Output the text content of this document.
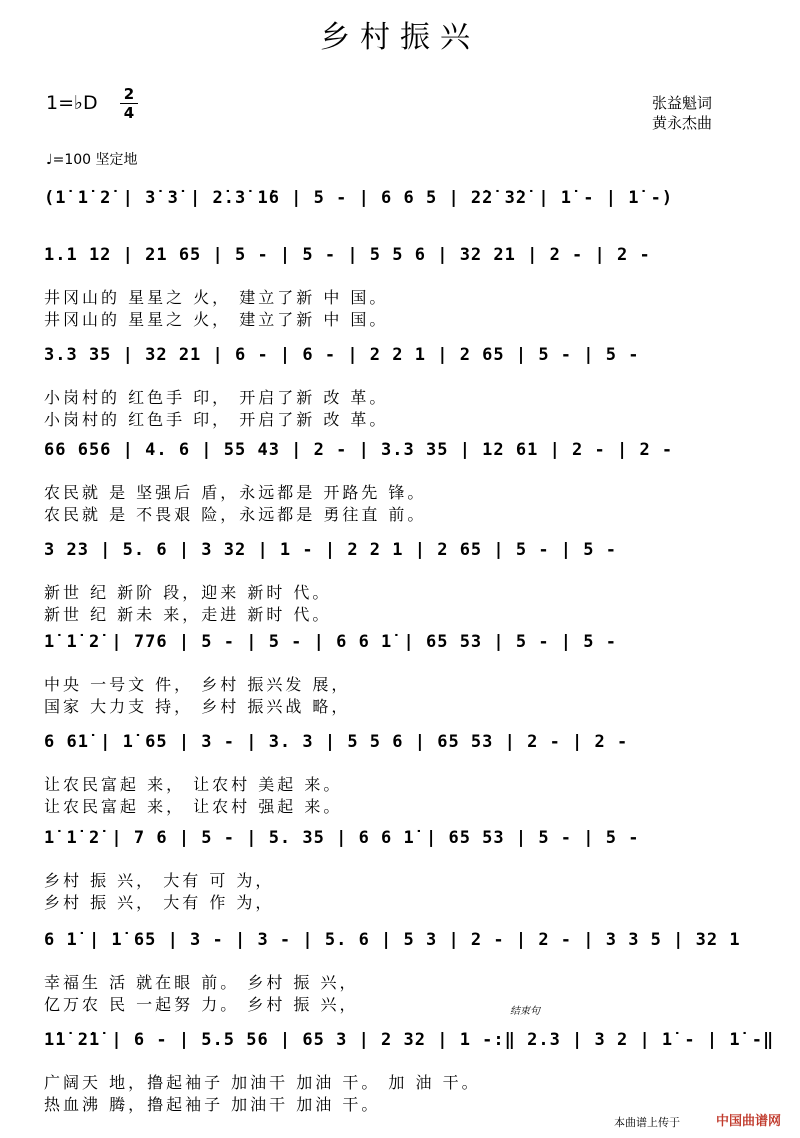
乡村振兴
1=♭D 2
4
张益魁词
黄永杰曲
♩=100 坚定地
(1̇ 1̇ 2̇ | 3̇ 3̇ | 2̇.3̇ 1̇6 | 5 - | 6 6 5 | 2̇2̇ 3̇2̇ | 1̇ - | 1̇ -)
1.1 12 | 21 65 | 5 - | 5 - | 5 5 6 | 32 21 | 2 - | 2 -
井冈山的 星星之 火， 建立了新 中 国。
井冈山的 星星之 火， 建立了新 中 国。
3.3 35 | 32 21 | 6 - | 6 - | 2 2 1 | 2 65 | 5 - | 5 -
小岗村的 红色手 印， 开启了新 改 革。
小岗村的 红色手 印， 开启了新 改 革。
66 656 | 4. 6 | 55 43 | 2 - | 3.3 35 | 12 61 | 2 - | 2 -
农民就 是 坚强后 盾，永远都是 开路先 锋。
农民就 是 不畏艰 险，永远都是 勇往直 前。
3 23 | 5. 6 | 3 32 | 1 - | 2 2 1 | 2 65 | 5 - | 5 -
新世 纪 新阶 段，迎来 新时 代。
新世 纪 新未 来，走进 新时 代。
1̇ 1̇ 2̇ | 776 | 5 - | 5 - | 6 6 1̇ | 65 53 | 5 - | 5 -
中央 一号文 件， 乡村 振兴发 展，
国家 大力支 持， 乡村 振兴战 略，
6 61̇ | 1̇ 65 | 3 - | 3. 3 | 5 5 6 | 65 53 | 2 - | 2 -
让农民富起 来， 让农村 美起 来。
让农民富起 来， 让农村 强起 来。
1̇ 1̇ 2̇ | 7 6 | 5 - | 5. 35 | 6 6 1̇ | 65 53 | 5 - | 5 -
乡村 振 兴， 大有 可 为，
乡村 振 兴， 大有 作 为，
6 1̇ | 1̇ 65 | 3 - | 3 - | 5. 6 | 5 3 | 2 - | 2 - | 3 3 5 | 32 1
幸福生 活 就在眼 前。 乡村 振 兴，
亿万农 民 一起努 力。 乡村 振 兴，
1̇1̇ 2̇1̇ | 6 - | 5.5 56 | 65 3 | 2 32 | 1 -:‖ 2.3 | 3 2 | 1̇ - | 1̇ -‖
广阔天 地，撸起袖子 加油干 加油 干。 加 油 干。
热血沸 腾，撸起袖子 加油干 加油 干。
结束句
本曲谱上传于	中国曲谱网
